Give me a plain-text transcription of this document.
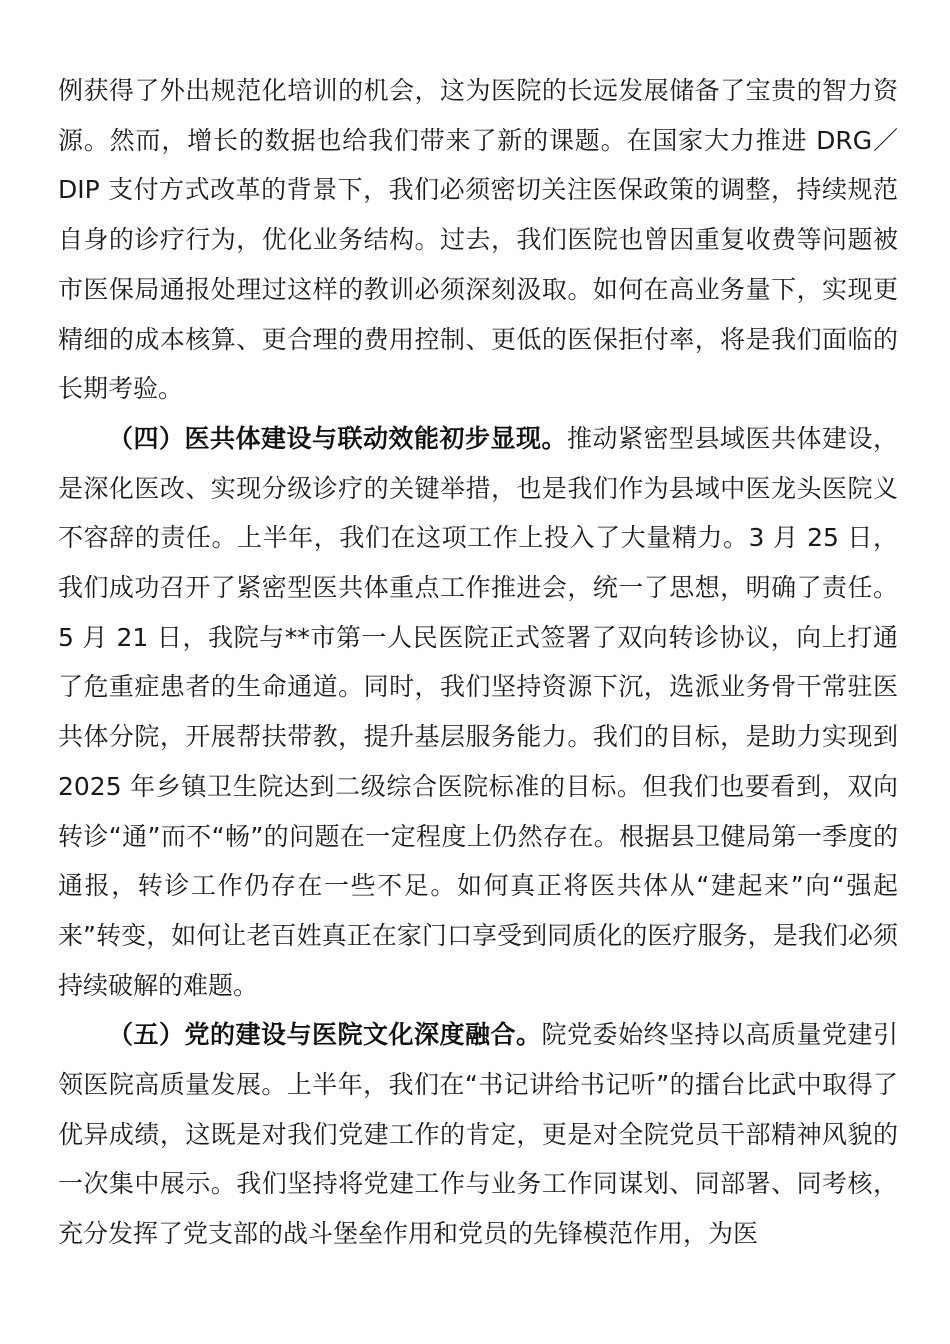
例获得了外出规范化培训的机会，这为医院的长远发展储备了宝贵的智力资源。然而，增长的数据也给我们带来了新的课题。在国家大力推进 DRG／DIP 支付方式改革的背景下，我们必须密切关注医保政策的调整，持续规范自身的诊疗行为，优化业务结构。过去，我们医院也曾因重复收费等问题被市医保局通报处理过这样的教训必须深刻汲取。如何在高业务量下，实现更精细的成本核算、更合理的费用控制、更低的医保拒付率，将是我们面临的长期考验。

（四）医共体建设与联动效能初步显现。推动紧密型县域医共体建设，是深化医改、实现分级诊疗的关键举措，也是我们作为县域中医龙头医院义不容辞的责任。上半年，我们在这项工作上投入了大量精力。3 月 25 日，我们成功召开了紧密型医共体重点工作推进会，统一了思想，明确了责任。5 月 21 日，我院与**市第一人民医院正式签署了双向转诊协议，向上打通了危重症患者的生命通道。同时，我们坚持资源下沉，选派业务骨干常驻医共体分院，开展帮扶带教，提升基层服务能力。我们的目标，是助力实现到 2025 年乡镇卫生院达到二级综合医院标准的目标。但我们也要看到，双向转诊“通”而不“畅”的问题在一定程度上仍然存在。根据县卫健局第一季度的通报，转诊工作仍存在一些不足。如何真正将医共体从“建起来”向“强起来”转变，如何让老百姓真正在家门口享受到同质化的医疗服务，是我们必须持续破解的难题。

（五）党的建设与医院文化深度融合。院党委始终坚持以高质量党建引领医院高质量发展。上半年，我们在“书记讲给书记听”的擂台比武中取得了优异成绩，这既是对我们党建工作的肯定，更是对全院党员干部精神风貌的一次集中展示。我们坚持将党建工作与业务工作同谋划、同部署、同考核，充分发挥了党支部的战斗堡垒作用和党员的先锋模范作用，为医
